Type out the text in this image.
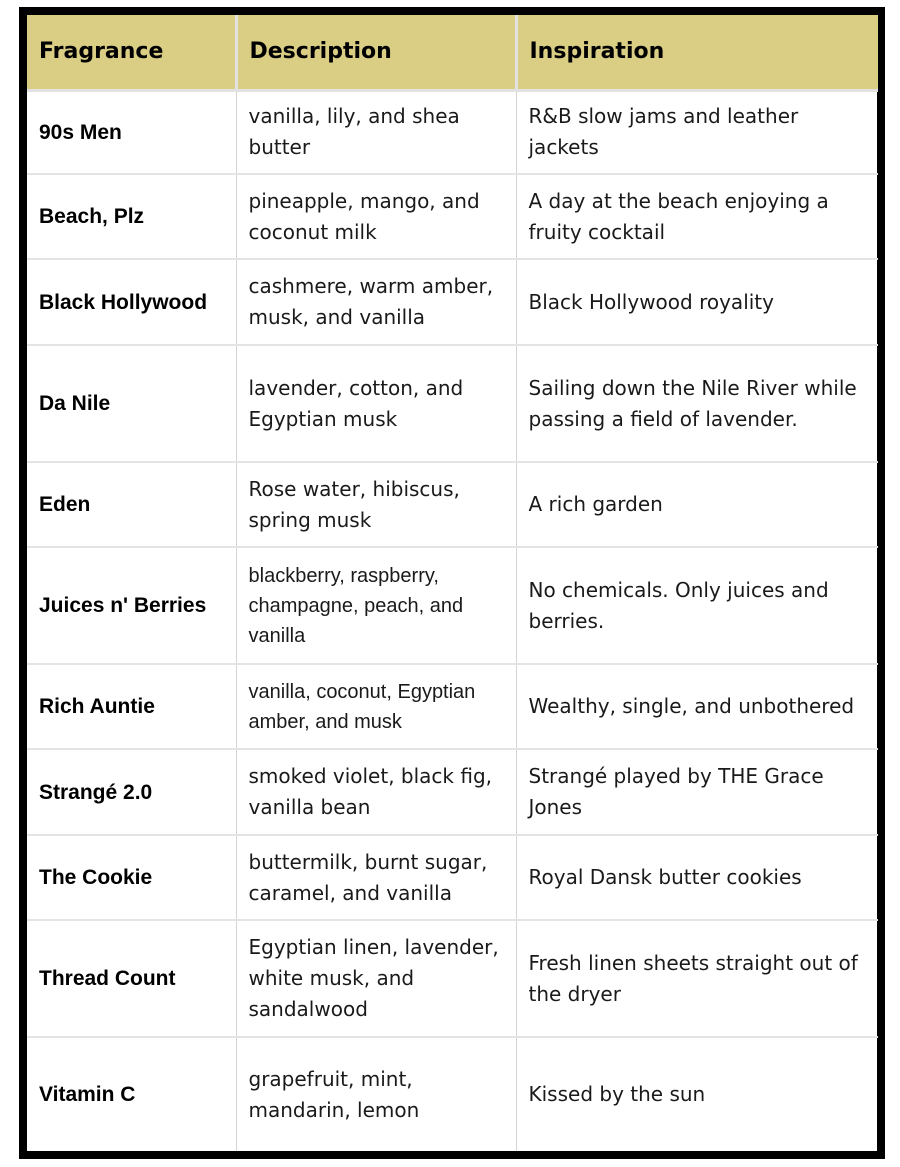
Fragrance	Description	Inspiration
90s Men	vanilla, lily, and shea butter	R&B slow jams and leather jackets
Beach, Plz	pineapple, mango, and coconut milk	A day at the beach enjoying a fruity cocktail
Black Hollywood	cashmere, warm amber, musk, and vanilla	Black Hollywood royality
Da Nile	lavender, cotton, and Egyptian musk	Sailing down the Nile River while passing a field of lavender.
Eden	Rose water, hibiscus, spring musk	A rich garden
Juices n' Berries	blackberry, raspberry, champagne, peach, and vanilla	No chemicals. Only juices and berries.
Rich Auntie	vanilla, coconut, Egyptian amber, and musk	Wealthy, single, and unbothered
Strangé 2.0	smoked violet, black fig, vanilla bean	Strangé played by THE Grace Jones
The Cookie	buttermilk, burnt sugar, caramel, and vanilla	Royal Dansk butter cookies
Thread Count	Egyptian linen, lavender, white musk, and sandalwood	Fresh linen sheets straight out of the dryer
Vitamin C	grapefruit, mint, mandarin, lemon	Kissed by the sun
